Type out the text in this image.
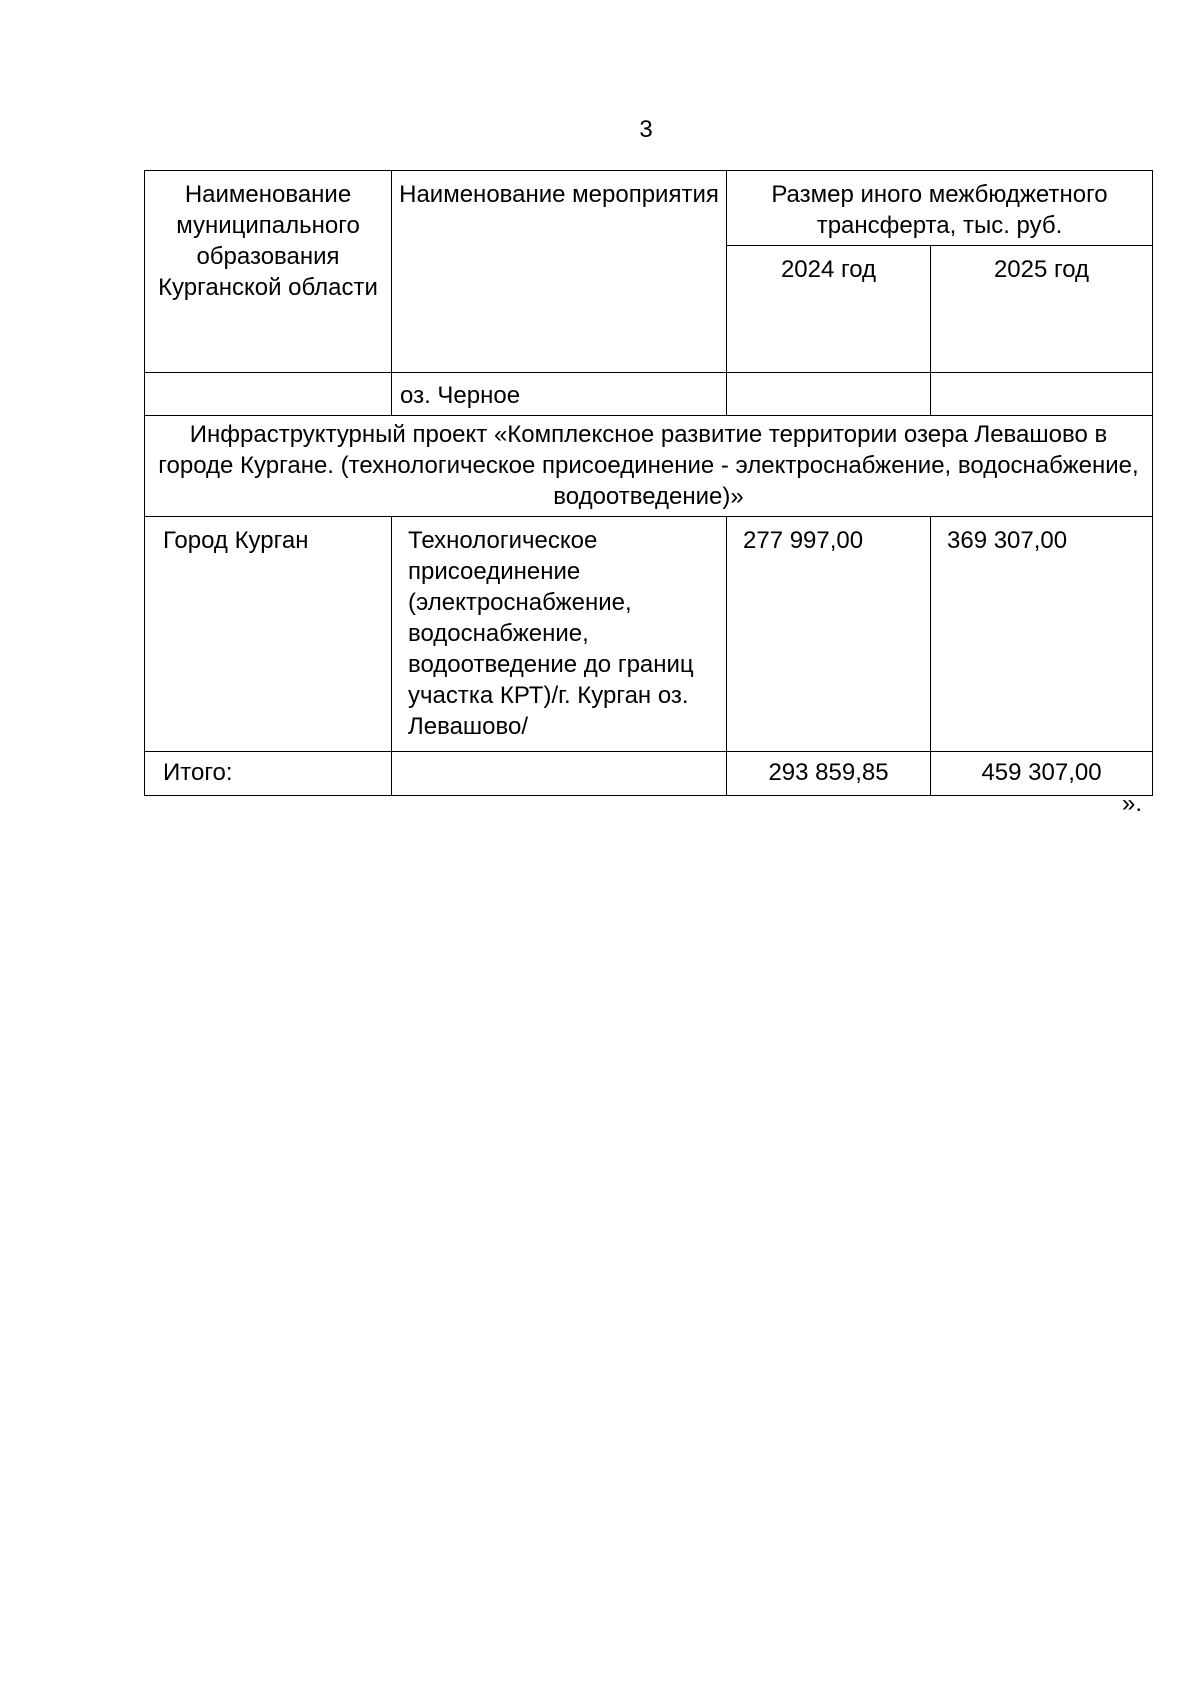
3
Наименование муниципального образования Курганской области	Наименование мероприятия	Размер иного межбюджетного трансферта, тыс. руб.	
		2024 год	2025 год
	оз. Черное		
Инфраструктурный проект «Комплексное развитие территории озера Левашово в городе Кургане. (технологическое присоединение - электроснабжение, водоснабжение, водоотведение)»			
Город Курган	Технологическое присоединение (электроснабжение, водоснабжение, водоотведение до границ участка КРТ)/г. Курган оз. Левашово/	277 997,00	369 307,00
Итого:		293 859,85	459 307,00
».
